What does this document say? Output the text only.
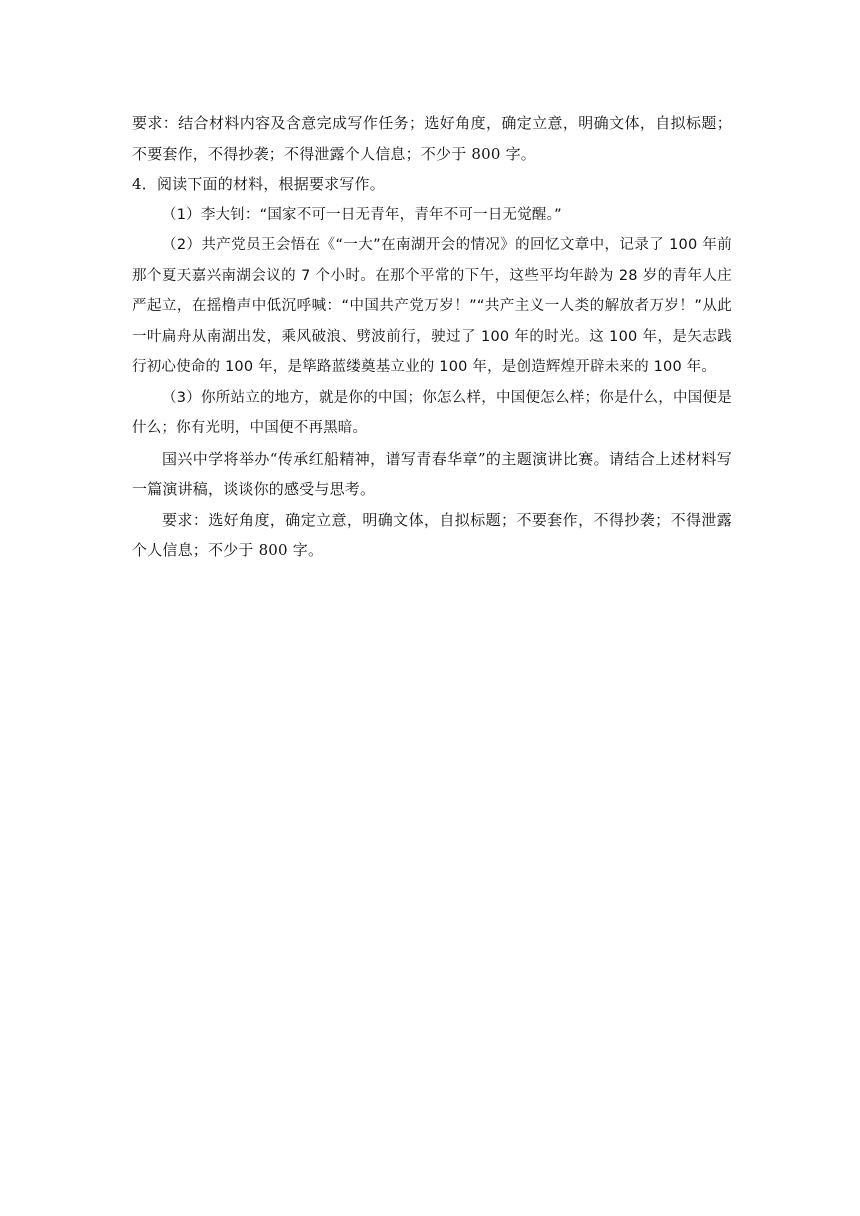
要求：结合材料内容及含意完成写作任务；选好角度，确定立意，明确文体，自拟标题；不要套作，不得抄袭；不得泄露个人信息；不少于 800 字。

4．阅读下面的材料，根据要求写作。

（1）李大钊：“国家不可一日无青年，青年不可一日无觉醒。”

（2）共产党员王会悟在《“一大”在南湖开会的情况》的回忆文章中，记录了 100 年前那个夏天嘉兴南湖会议的 7 个小时。在那个平常的下午，这些平均年龄为 28 岁的青年人庄严起立，在摇橹声中低沉呼喊：“中国共产党万岁！”“共产主义一人类的解放者万岁！”从此一叶扁舟从南湖出发，乘风破浪、劈波前行，驶过了 100 年的时光。这 100 年，是矢志践行初心使命的 100 年，是筚路蓝缕奠基立业的 100 年，是创造辉煌开辟未来的 100 年。

（3）你所站立的地方，就是你的中国；你怎么样，中国便怎么样；你是什么，中国便是什么；你有光明，中国便不再黑暗。

国兴中学将举办“传承红船精神，谱写青春华章”的主题演讲比赛。请结合上述材料写一篇演讲稿，谈谈你的感受与思考。

要求：选好角度，确定立意，明确文体，自拟标题；不要套作，不得抄袭；不得泄露个人信息；不少于 800 字。
